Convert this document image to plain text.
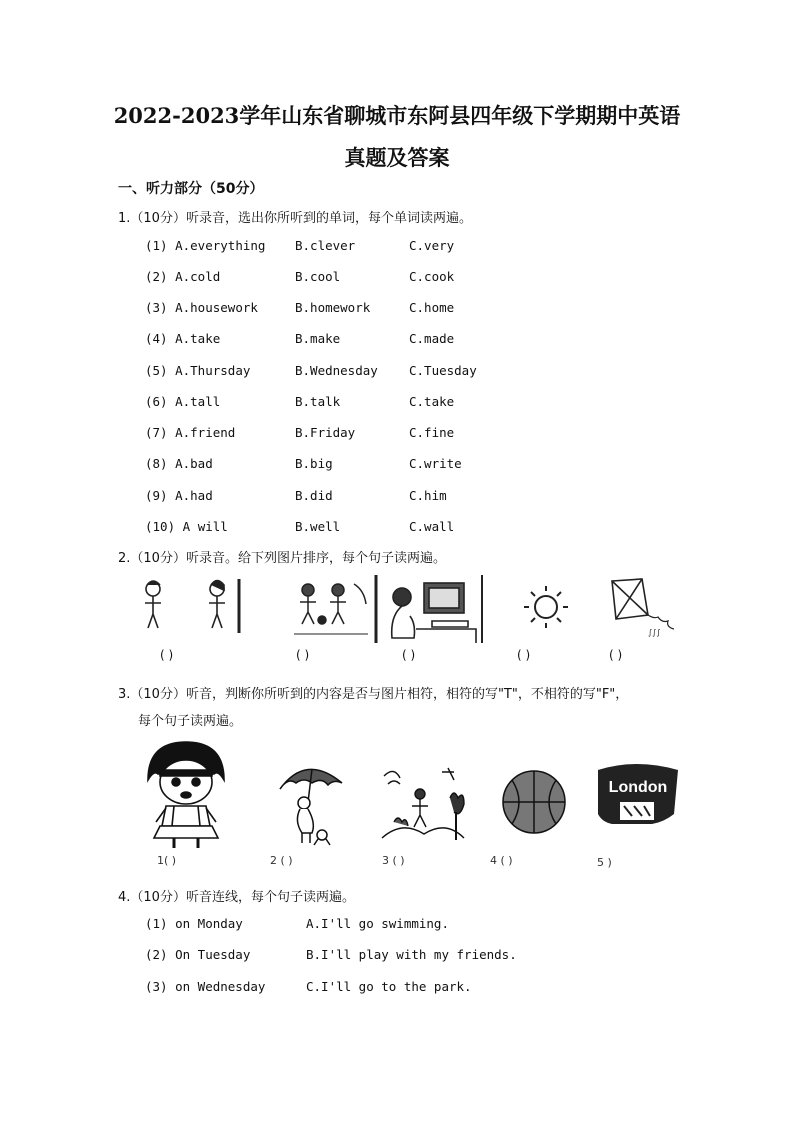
2022-2023学年山东省聊城市东阿县四年级下学期期中英语
真题及答案
一、听力部分（50分）
1.（10分）听录音，选出你所听到的单词，每个单词读两遍。
(1) A.everything B.clever	C.very
(2) A.cold	B.cool	C.cook
(3) A.housework	B.homework	C.home
(4) A.take	B.make	C.made
(5) A.Thursday	B.Wednesday C.Tuesday
(6) A.tall	B.talk	C.take
(7) A.friend	B.Friday	C.fine
(8) A.bad	B.big	C.write
(9) A.had	B.did	C.him
(10) A will	B.well	C.wall
2.（10分）听录音。给下列图片排序，每个句子读两遍。
∫∫∫
( )	( )	( )	( )	( )
3.（10分）听音，判断你所听到的内容是否与图片相符，相符的写"T"，不相符的写"F"，
每个句子读两遍。
London
1( )	2 ( )	3 ( )	4 ( )	5 )
4.（10分）听音连线，每个句子读两遍。
(1) on Monday	A.I'll go swimming.
(2) On Tuesday	B.I'll play with my friends.
(3) on Wednesday	C.I'll go to the park.
